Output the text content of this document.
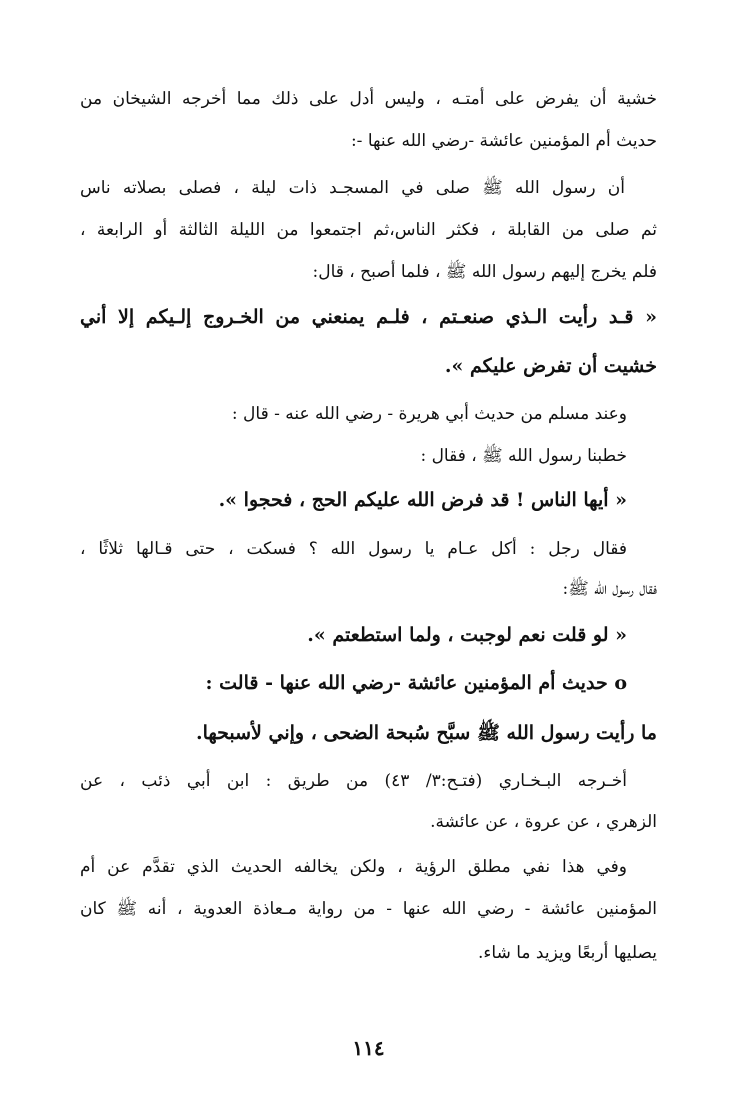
خشية أن يفرض على أمتـه ، وليس أدل على ذلك مما أخرجه الشيخان من

حديث أم المؤمنين عائشة -رضي الله عنها -:

أن رسول الله ﷺ صلى في المسجـد ذات ليلة ، فصلى بصلاته ناس

ثم صلى من القابلة ، فكثر الناس،ثم اجتمعوا من الليلة الثالثة أو الرابعة ،

فلم يخرج إليهم رسول الله ﷺ ، فلما أصبح ، قال:

« قـد رأيت الـذي صنعـتم ، فلـم يمنعني من الخـروج إلـيكم إلا أني

خشيت أن تفرض عليكم ».

وعند مسلم من حديث أبي هريرة - رضي الله عنه - قال :

خطبنا رسول الله ﷺ ، فقال :

« أيها الناس ! قد فرض الله عليكم الحج ، فحجوا ».

فقال رجل : أكل عـام يا رسول الله ؟ فسكت ، حتى قـالها ثلاثًا ،

فقال رسول الله ﷺ:

« لو قلت نعم لوجبت ، ولما استطعتم ».

o حديث أم المؤمنين عائشة -رضي الله عنها - قالت :

ما رأيت رسول الله ﷺ سبَّح سُبحة الضحى ، وإني لأسبحها.

أخـرجه البـخـاري (فتـح:٣/ ٤٣) من طريق : ابن أبي ذئب ، عن

الزهري ، عن عروة ، عن عائشة.

وفي هذا نفي مطلق الرؤية ، ولكن يخالفه الحديث الذي تقدَّم عن أم

المؤمنين عائشة - رضي الله عنها - من رواية مـعاذة العدوية ، أنه ﷺ كان

يصليها أربعًا ويزيد ما شاء.

١١٤
